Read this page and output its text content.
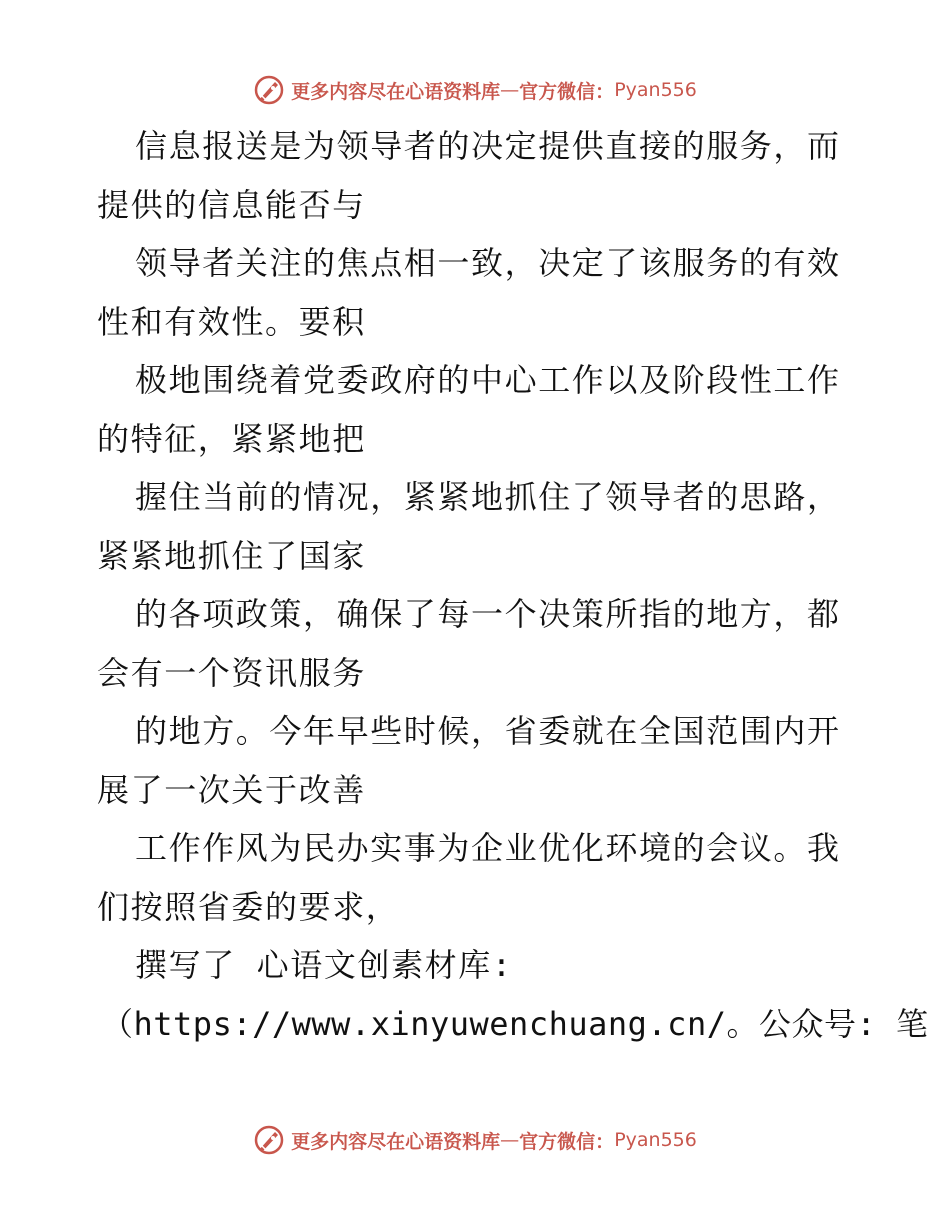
更多内容尽在心语资料库 — 官方微信： Pyan556
信息报送是为领导者的决定提供直接的服务，而
提供的信息能否与
领导者关注的焦点相一致，决定了该服务的有效
性和有效性。要积
极地围绕着党委政府的中心工作以及阶段性工作
的特征，紧紧地把
握住当前的情况，紧紧地抓住了领导者的思路，
紧紧地抓住了国家
的各项政策，确保了每一个决策所指的地方，都
会有一个资讯服务
的地方。今年早些时候，省委就在全国范围内开
展了一次关于改善
工作作风为民办实事为企业优化环境的会议。我
们按照省委的要求，
撰写了 心语文创素材库:
（https://www.xinyuwenchuang.cn/。公众号: 笔
更多内容尽在心语资料库 — 官方微信： Pyan556
